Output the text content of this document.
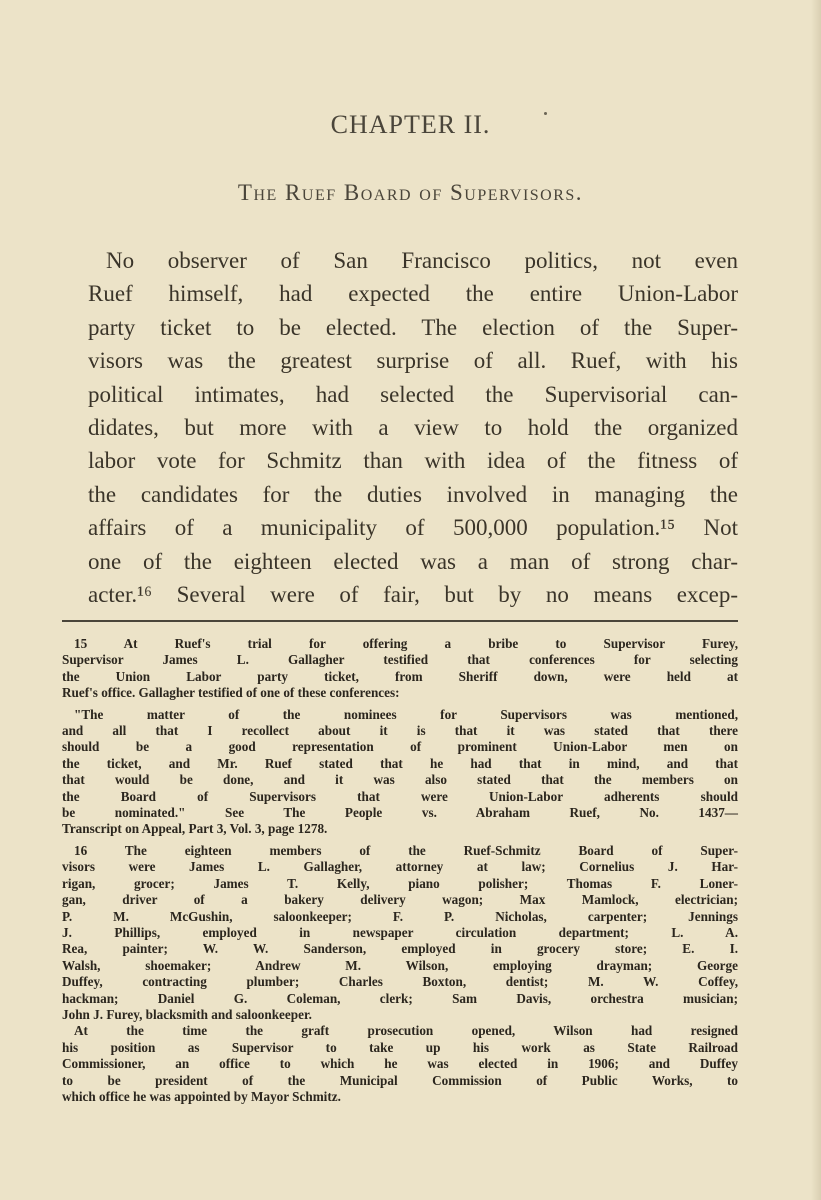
CHAPTER II.
The Ruef Board of Supervisors.
No observer of San Francisco politics, not even
Ruef himself, had expected the entire Union-Labor
party ticket to be elected. The election of the Super-
visors was the greatest surprise of all. Ruef, with his
political intimates, had selected the Supervisorial can-
didates, but more with a view to hold the organized
labor vote for Schmitz than with idea of the fitness of
the candidates for the duties involved in managing the
affairs of a municipality of 500,000 population.¹⁵ Not
one of the eighteen elected was a man of strong char-
acter.¹⁶ Several were of fair, but by no means excep-
15 At Ruef's trial for offering a bribe to Supervisor Furey,
Supervisor James L. Gallagher testified that conferences for selecting
the Union Labor party ticket, from Sheriff down, were held at
Ruef's office. Gallagher testified of one of these conferences:
"The matter of the nominees for Supervisors was mentioned,
and all that I recollect about it is that it was stated that there
should be a good representation of prominent Union-Labor men on
the ticket, and Mr. Ruef stated that he had that in mind, and that
that would be done, and it was also stated that the members on
the Board of Supervisors that were Union-Labor adherents should
be nominated." See The People vs. Abraham Ruef, No. 1437—
Transcript on Appeal, Part 3, Vol. 3, page 1278.
16 The eighteen members of the Ruef-Schmitz Board of Super-
visors were James L. Gallagher, attorney at law; Cornelius J. Har-
rigan, grocer; James T. Kelly, piano polisher; Thomas F. Loner-
gan, driver of a bakery delivery wagon; Max Mamlock, electrician;
P. M. McGushin, saloonkeeper; F. P. Nicholas, carpenter; Jennings
J. Phillips, employed in newspaper circulation department; L. A.
Rea, painter; W. W. Sanderson, employed in grocery store; E. I.
Walsh, shoemaker; Andrew M. Wilson, employing drayman; George
Duffey, contracting plumber; Charles Boxton, dentist; M. W. Coffey,
hackman; Daniel G. Coleman, clerk; Sam Davis, orchestra musician;
John J. Furey, blacksmith and saloonkeeper.
At the time the graft prosecution opened, Wilson had resigned
his position as Supervisor to take up his work as State Railroad
Commissioner, an office to which he was elected in 1906; and Duffey
to be president of the Municipal Commission of Public Works, to
which office he was appointed by Mayor Schmitz.
